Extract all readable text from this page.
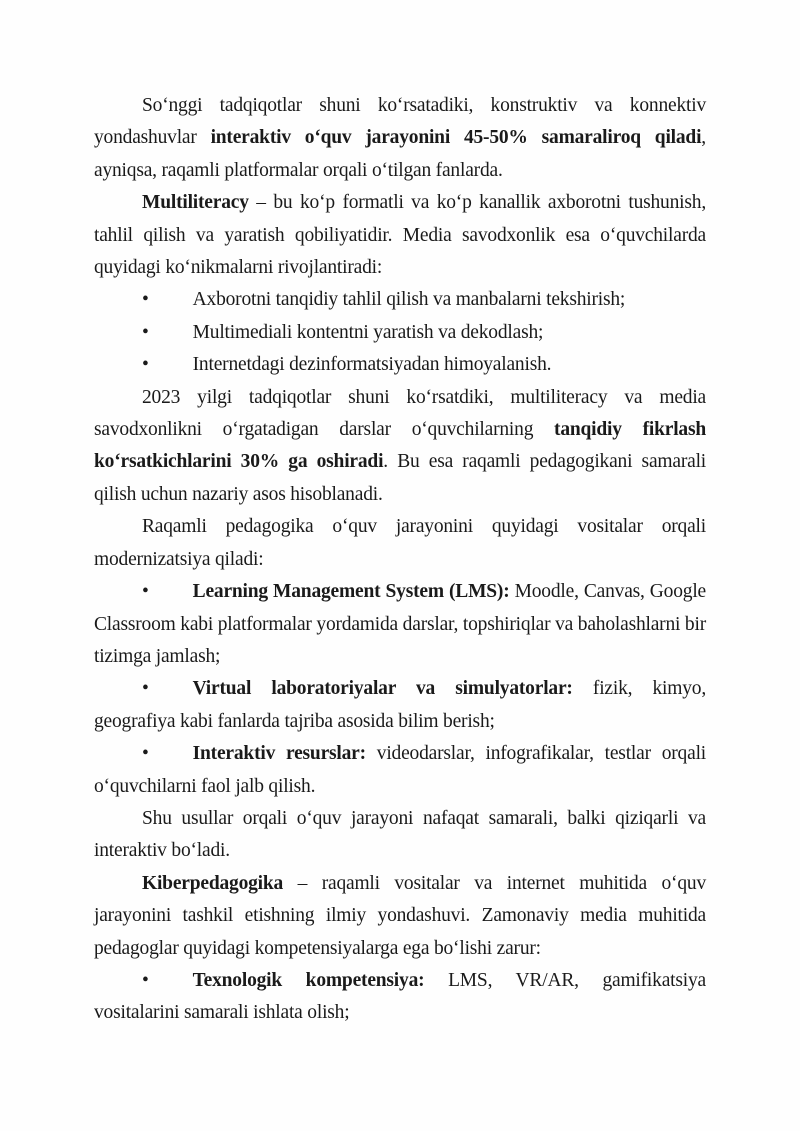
So‘nggi tadqiqotlar shuni ko‘rsatadiki, konstruktiv va konnektiv yondashuvlar interaktiv o‘quv jarayonini 45-50% samaraliroq qiladi, ayniqsa, raqamli platformalar orqali o‘tilgan fanlarda.

Multiliteracy – bu ko‘p formatli va ko‘p kanallik axborotni tushunish, tahlil qilish va yaratish qobiliyatidir. Media savodxonlik esa o‘quvchilarda quyidagi ko‘nikmalarni rivojlantiradi:

• Axborotni tanqidiy tahlil qilish va manbalarni tekshirish;

• Multimediali kontentni yaratish va dekodlash;

• Internetdagi dezinformatsiyadan himoyalanish.

2023 yilgi tadqiqotlar shuni ko‘rsatdiki, multiliteracy va media savodxonlikni o‘rgatadigan darslar o‘quvchilarning tanqidiy fikrlash ko‘rsatkichlarini 30% ga oshiradi. Bu esa raqamli pedagogikani samarali qilish uchun nazariy asos hisoblanadi.

Raqamli pedagogika o‘quv jarayonini quyidagi vositalar orqali modernizatsiya qiladi:

• Learning Management System (LMS): Moodle, Canvas, Google Classroom kabi platformalar yordamida darslar, topshiriqlar va baholashlarni bir tizimga jamlash;

• Virtual laboratoriyalar va simulyatorlar: fizik, kimyo, geografiya kabi fanlarda tajriba asosida bilim berish;

• Interaktiv resurslar: videodarslar, infografikalar, testlar orqali o‘quvchilarni faol jalb qilish.

Shu usullar orqali o‘quv jarayoni nafaqat samarali, balki qiziqarli va interaktiv bo‘ladi.

Kiberpedagogika – raqamli vositalar va internet muhitida o‘quv jarayonini tashkil etishning ilmiy yondashuvi. Zamonaviy media muhitida pedagoglar quyidagi kompetensiyalarga ega bo‘lishi zarur:

• Texnologik kompetensiya: LMS, VR/AR, gamifikatsiya vositalarini samarali ishlata olish;
